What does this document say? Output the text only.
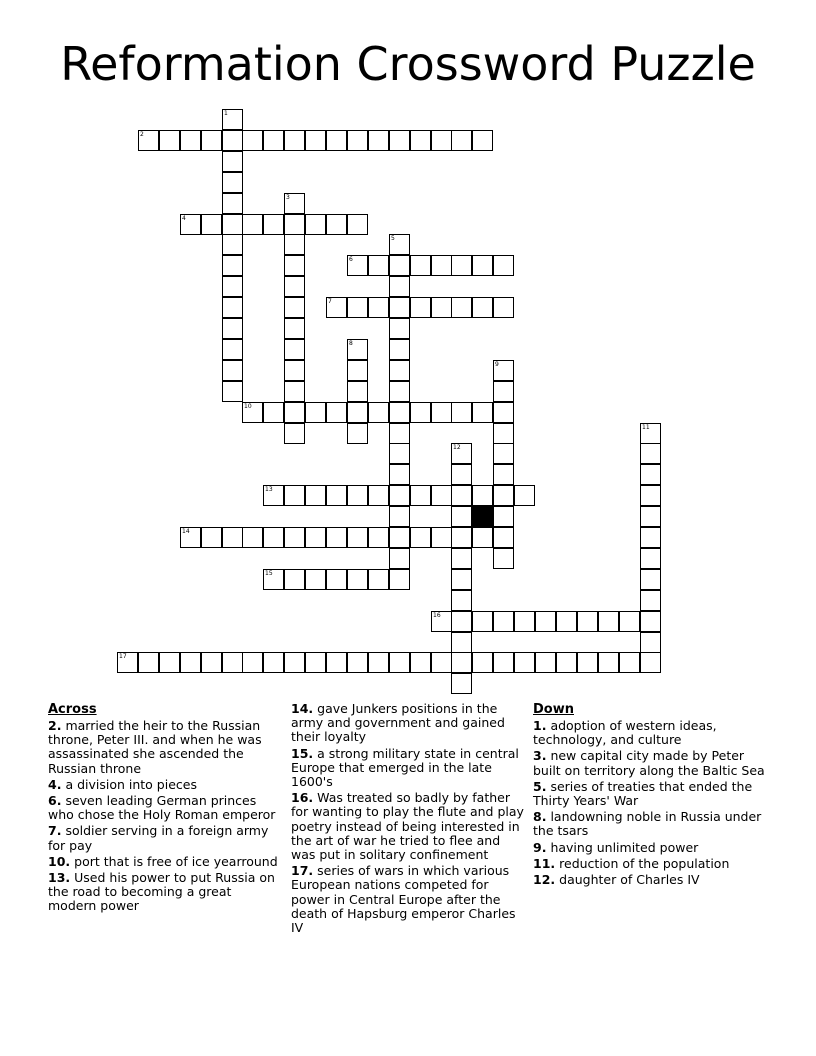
Reformation Crossword Puzzle
1
2
3
4
5
6
7
8
9
10
11
12
13
14
15
16
17
Across
2. married the heir to the Russian throne, Peter III. and when he was assassinated she ascended the Russian throne
4. a division into pieces
6. seven leading German princes who chose the Holy Roman emperor
7. soldier serving in a foreign army for pay
10. port that is free of ice yearround
13. Used his power to put Russia on the road to becoming a great modern power
14. gave Junkers positions in the army and government and gained their loyalty
15. a strong military state in central Europe that emerged in the late 1600's
16. Was treated so badly by father for wanting to play the flute and play poetry instead of being interested in the art of war he tried to flee and was put in solitary confinement
17. series of wars in which various European nations competed for power in Central Europe after the death of Hapsburg emperor Charles IV
Down
1. adoption of western ideas, technology, and culture
3. new capital city made by Peter built on territory along the Baltic Sea
5. series of treaties that ended the Thirty Years' War
8. landowning noble in Russia under the tsars
9. having unlimited power
11. reduction of the population
12. daughter of Charles IV
